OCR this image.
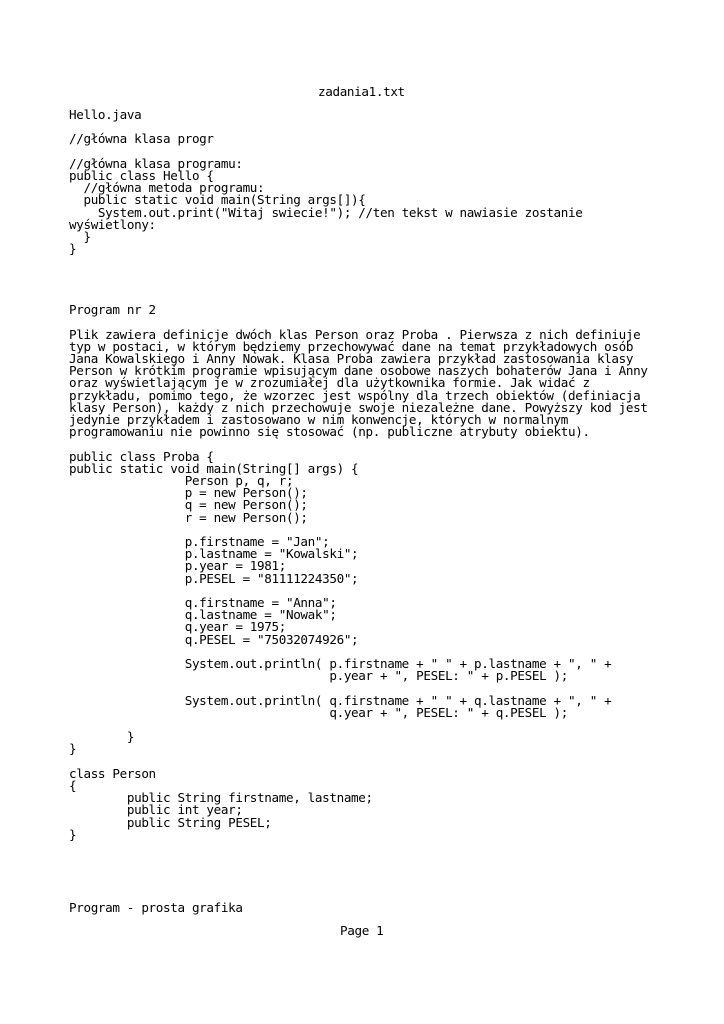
zadania1.txt
Hello.java
//główna klasa progr
//główna klasa programu:
public class Hello {
//główna metoda programu:
public static void main(String args[]){
System.out.print("Witaj swiecie!"); //ten tekst w nawiasie zostanie
wyświetlony:
}
}
Program nr 2
Plik zawiera definicje dwóch klas Person oraz Proba . Pierwsza z nich definiuje
typ w postaci, w którym będziemy przechowywać dane na temat przykładowych osób
Jana Kowalskiego i Anny Nowak. Klasa Proba zawiera przykład zastosowania klasy
Person w krótkim programie wpisującym dane osobowe naszych bohaterów Jana i Anny
oraz wyświetlającym je w zrozumiałej dla użytkownika formie. Jak widać z
przykładu, pomimo tego, że wzorzec jest wspólny dla trzech obiektów (definiacja
klasy Person), każdy z nich przechowuje swoje niezależne dane. Powyższy kod jest
jedynie przykładem i zastosowano w nim konwencje, których w normalnym
programowaniu nie powinno się stosować (np. publiczne atrybuty obiektu).
public class Proba {
public static void main(String[] args) {
Person p, q, r;
p = new Person();
q = new Person();
r = new Person();
p.firstname = "Jan";
p.lastname = "Kowalski";
p.year = 1981;
p.PESEL = "81111224350";
q.firstname = "Anna";
q.lastname = "Nowak";
q.year = 1975;
q.PESEL = "75032074926";
System.out.println( p.firstname + " " + p.lastname + ", " +
p.year + ", PESEL: " + p.PESEL );
System.out.println( q.firstname + " " + q.lastname + ", " +
q.year + ", PESEL: " + q.PESEL );
}
}
class Person
{
public String firstname, lastname;
public int year;
public String PESEL;
}
Program - prosta grafika
Page 1
